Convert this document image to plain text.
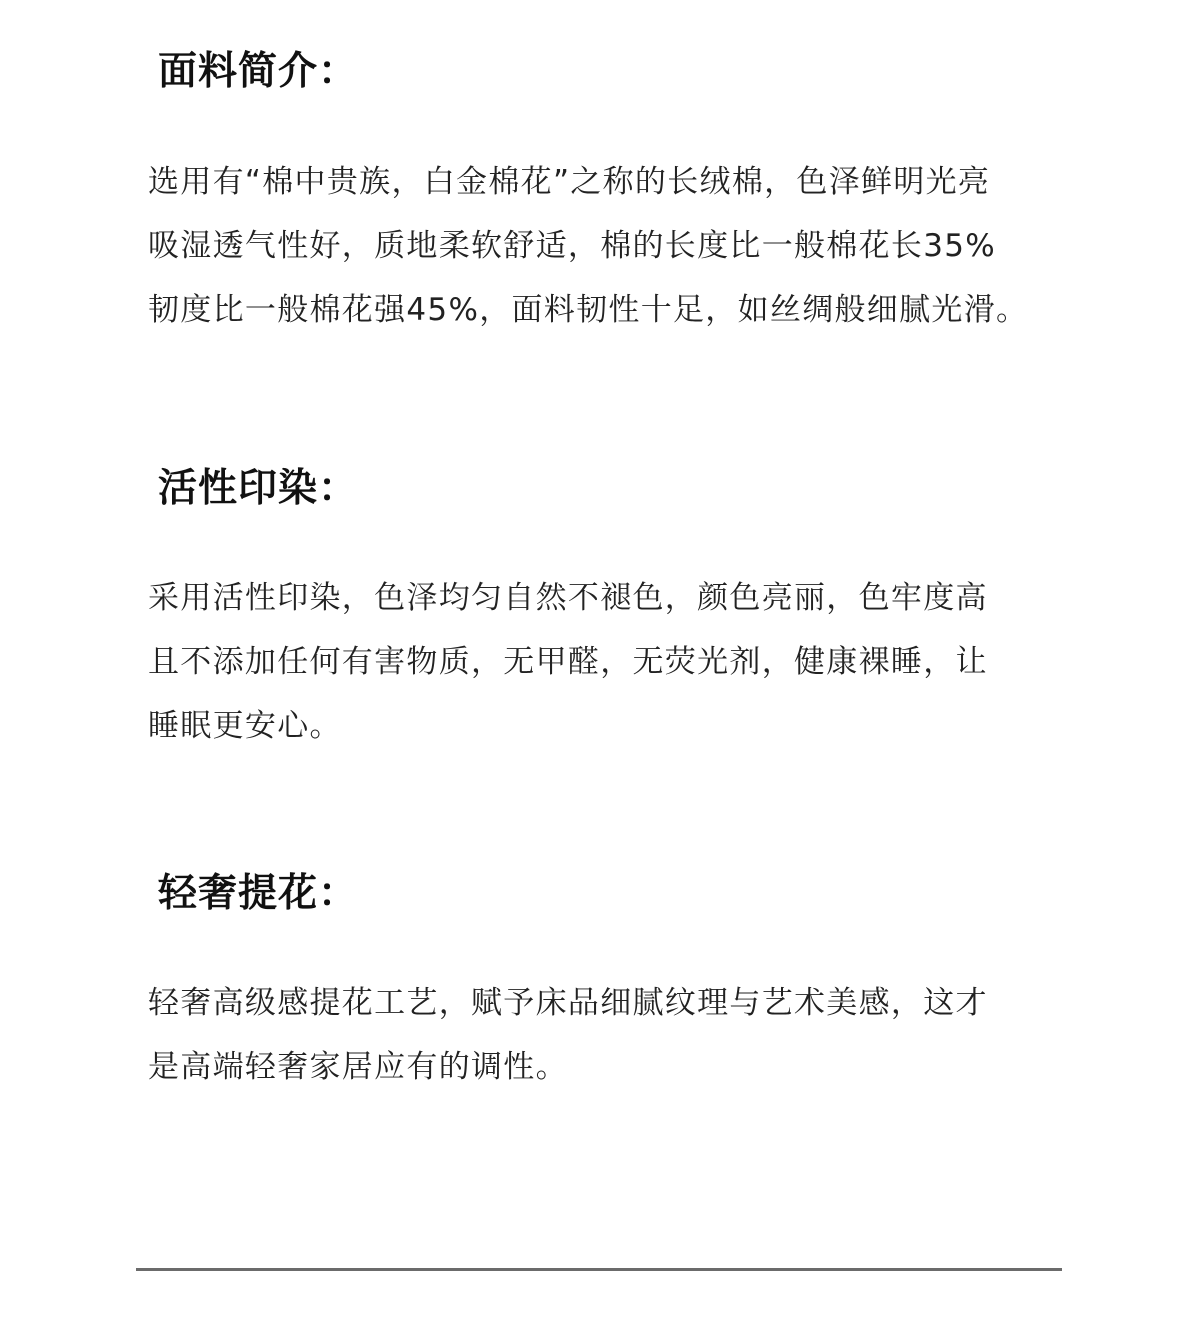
面料简介：
选用有“棉中贵族，白金棉花”之称的长绒棉，色泽鲜明光亮
吸湿透气性好，质地柔软舒适，棉的长度比一般棉花长35%
韧度比一般棉花强45%，面料韧性十足，如丝绸般细腻光滑。
活性印染：
采用活性印染，色泽均匀自然不褪色，颜色亮丽，色牢度高
且不添加任何有害物质，无甲醛，无荧光剂，健康裸睡，让
睡眠更安心。
轻奢提花：
轻奢高级感提花工艺，赋予床品细腻纹理与艺术美感，这才
是高端轻奢家居应有的调性。
